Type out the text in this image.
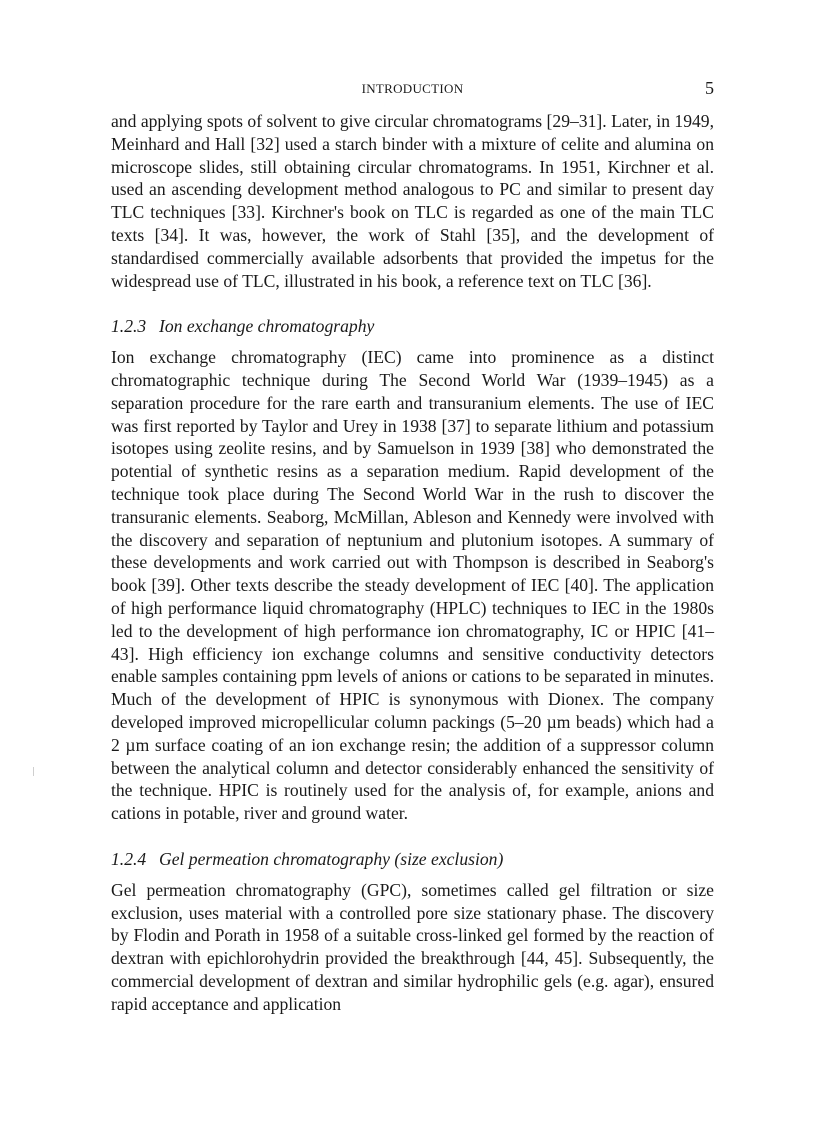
INTRODUCTION	5

and applying spots of solvent to give circular chromatograms [29–31]. Later, in 1949, Meinhard and Hall [32] used a starch binder with a mixture of celite and alumina on microscope slides, still obtaining circular chromatograms. In 1951, Kirchner et al. used an ascending development method analogous to PC and similar to present day TLC techniques [33]. Kirchner's book on TLC is regarded as one of the main TLC texts [34]. It was, however, the work of Stahl [35], and the development of standardised commercially available adsorbents that provided the impetus for the widespread use of TLC, illustrated in his book, a reference text on TLC [36].

1.2.3 Ion exchange chromatography

Ion exchange chromatography (IEC) came into prominence as a distinct chromatographic technique during The Second World War (1939–1945) as a separation procedure for the rare earth and transuranium elements. The use of IEC was first reported by Taylor and Urey in 1938 [37] to separate lithium and potassium isotopes using zeolite resins, and by Samuelson in 1939 [38] who demonstrated the potential of synthetic resins as a separation medium. Rapid development of the technique took place during The Second World War in the rush to discover the transuranic elements. Seaborg, McMillan, Ableson and Kennedy were involved with the discovery and separation of neptunium and plutonium isotopes. A summary of these developments and work carried out with Thompson is described in Seaborg's book [39]. Other texts describe the steady development of IEC [40]. The application of high performance liquid chromatography (HPLC) techniques to IEC in the 1980s led to the development of high performance ion chromatography, IC or HPIC [41–43]. High efficiency ion exchange columns and sensitive conductivity detectors enable samples containing ppm levels of anions or cations to be separated in minutes. Much of the development of HPIC is synonymous with Dionex. The company developed improved micropellicular column packings (5–20 µm beads) which had a 2 µm surface coating of an ion exchange resin; the addition of a suppressor column between the analytical column and detector considerably enhanced the sensitivity of the technique. HPIC is routinely used for the analysis of, for example, anions and cations in potable, river and ground water.

1.2.4 Gel permeation chromatography (size exclusion)

Gel permeation chromatography (GPC), sometimes called gel filtration or size exclusion, uses material with a controlled pore size stationary phase. The discovery by Flodin and Porath in 1958 of a suitable cross-linked gel formed by the reaction of dextran with epichlorohydrin provided the breakthrough [44, 45]. Subsequently, the commercial development of dextran and similar hydrophilic gels (e.g. agar), ensured rapid acceptance and application
